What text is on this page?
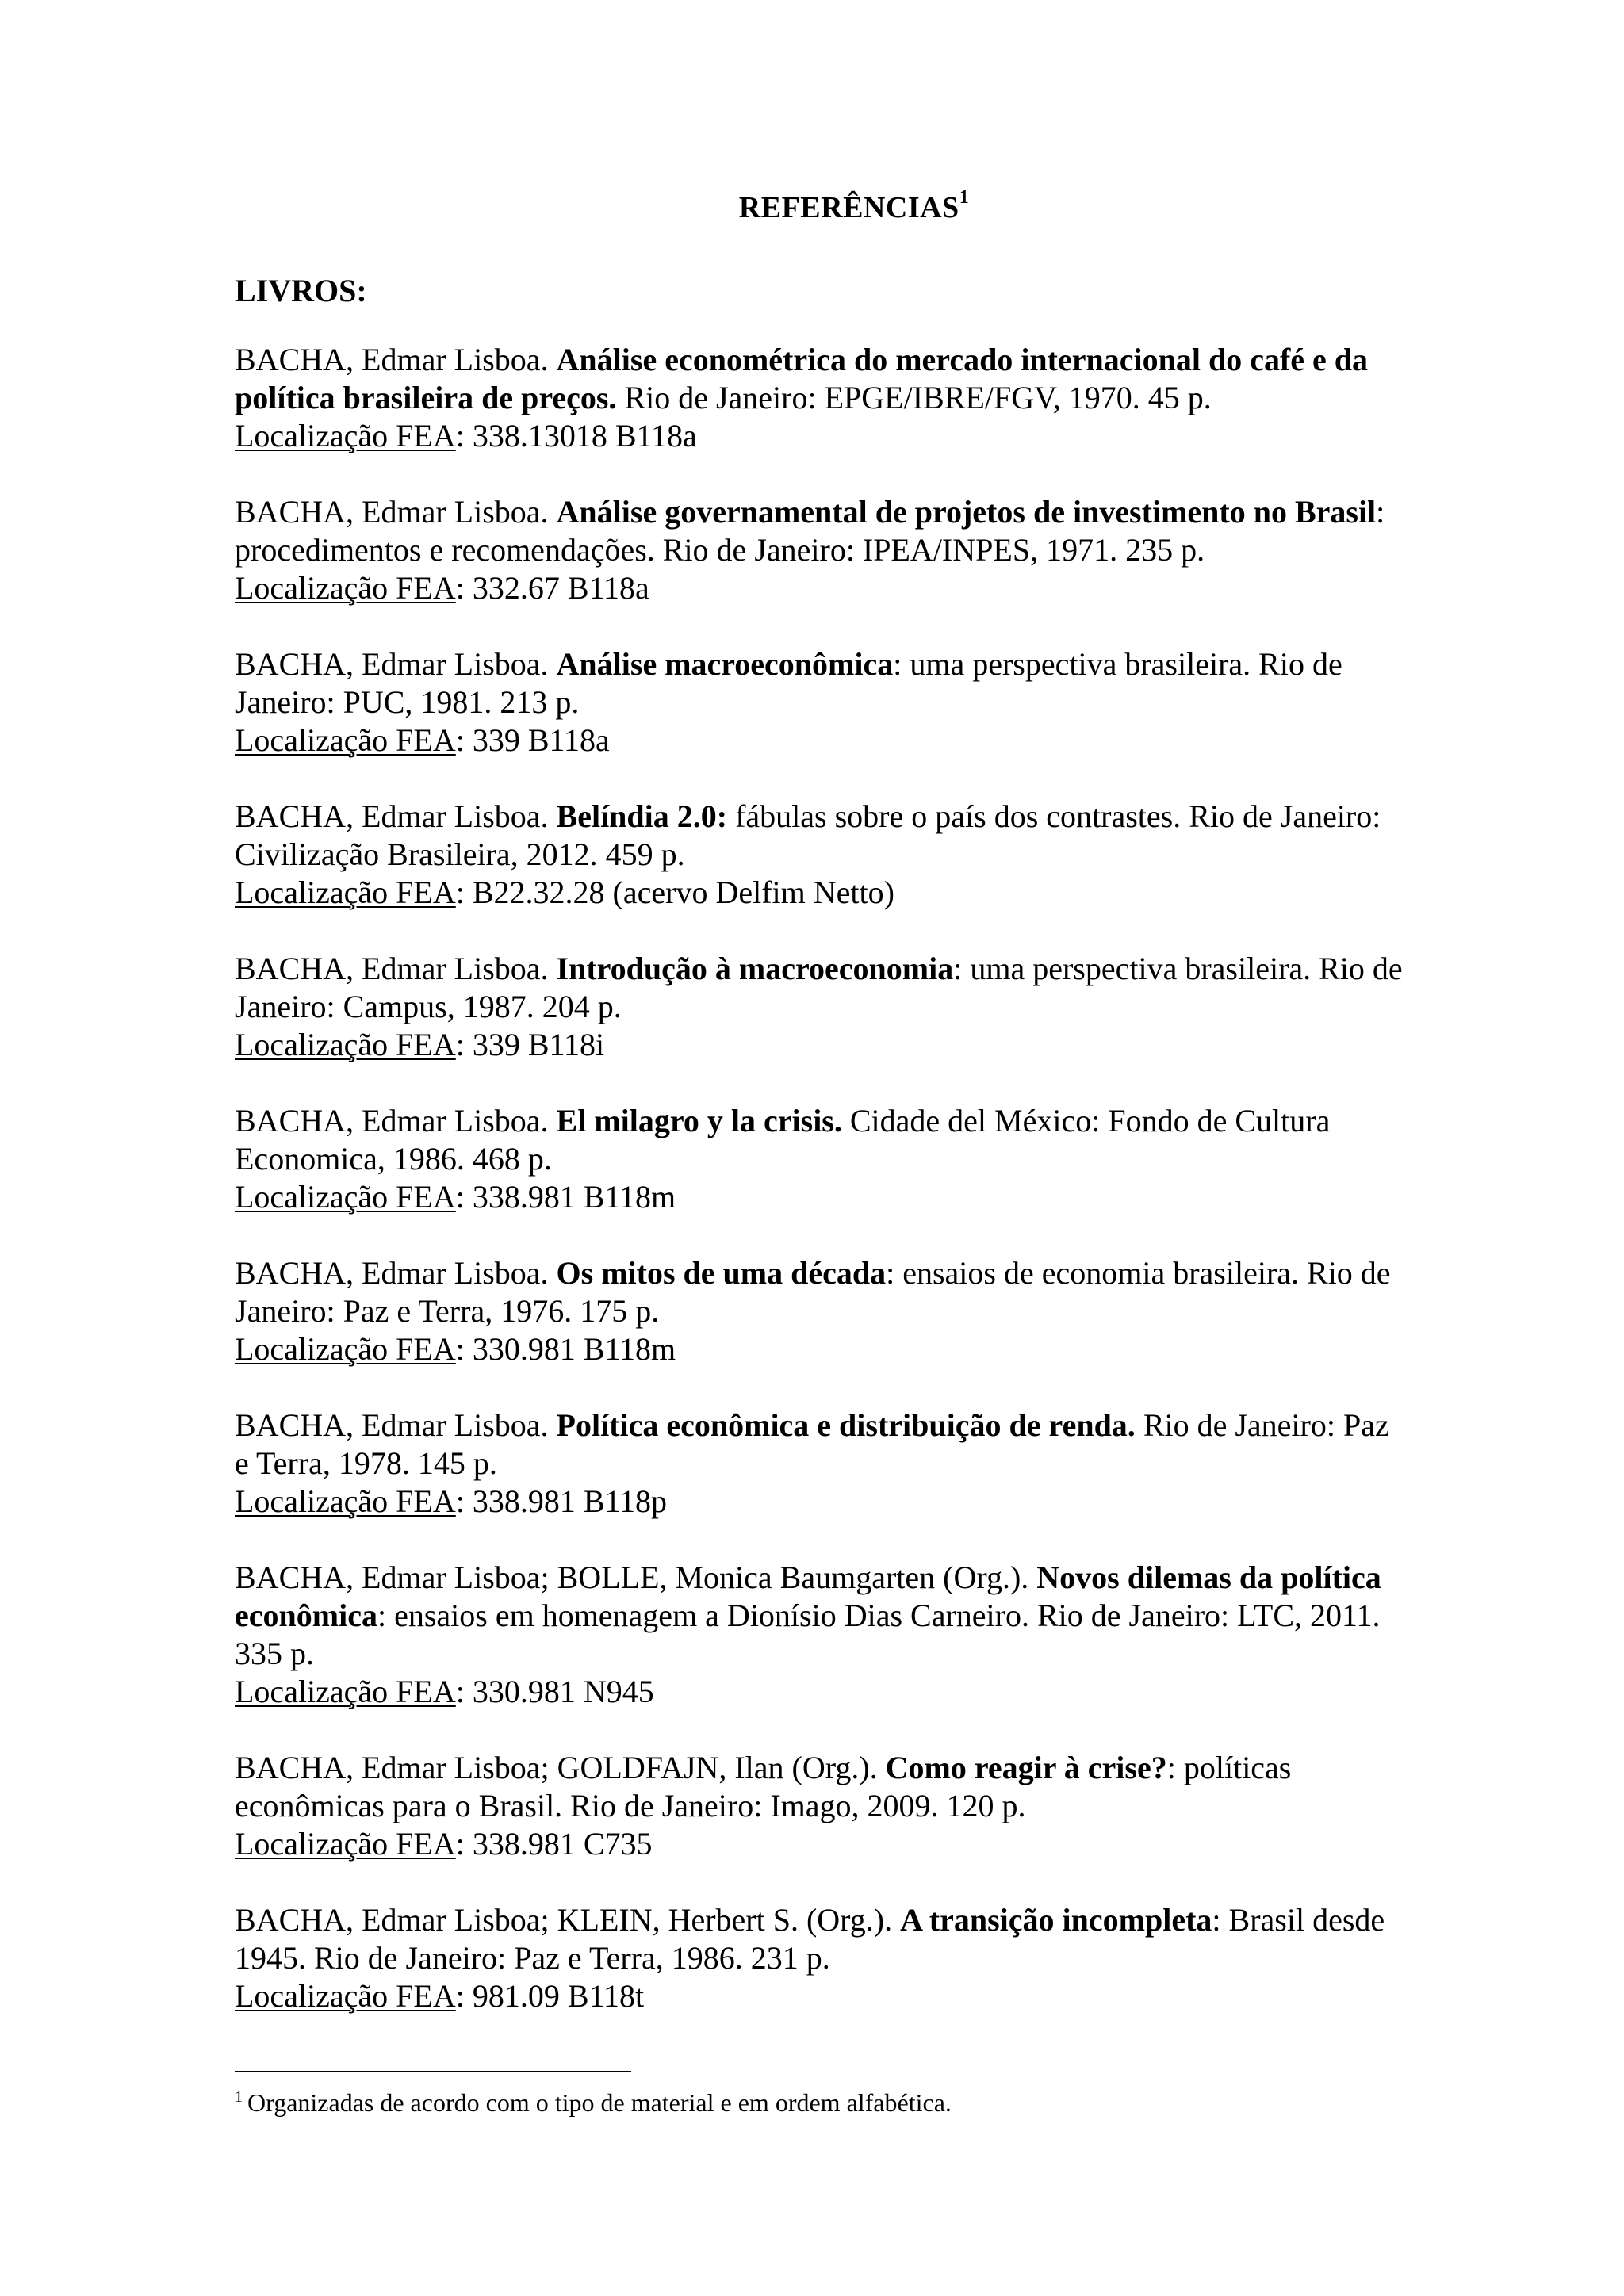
REFERÊNCIAS$^1$
LIVROS:
BACHA, Edmar Lisboa. Análise econométrica do mercado internacional do café e da política brasileira de preços. Rio de Janeiro: EPGE/IBRE/FGV, 1970. 45 p.
Localização FEA: 338.13018 B118a
BACHA, Edmar Lisboa. Análise governamental de projetos de investimento no Brasil: procedimentos e recomendações. Rio de Janeiro: IPEA/INPES, 1971. 235 p.
Localização FEA: 332.67 B118a
BACHA, Edmar Lisboa. Análise macroeconômica: uma perspectiva brasileira. Rio de Janeiro: PUC, 1981. 213 p.
Localização FEA: 339 B118a
BACHA, Edmar Lisboa. Belíndia 2.0: fábulas sobre o país dos contrastes. Rio de Janeiro: Civilização Brasileira, 2012. 459 p.
Localização FEA: B22.32.28 (acervo Delfim Netto)
BACHA, Edmar Lisboa. Introdução à macroeconomia: uma perspectiva brasileira. Rio de Janeiro: Campus, 1987. 204 p.
Localização FEA: 339 B118i
BACHA, Edmar Lisboa. El milagro y la crisis. Cidade del México: Fondo de Cultura Economica, 1986. 468 p.
Localização FEA: 338.981 B118m
BACHA, Edmar Lisboa. Os mitos de uma década: ensaios de economia brasileira. Rio de Janeiro: Paz e Terra, 1976. 175 p.
Localização FEA: 330.981 B118m
BACHA, Edmar Lisboa. Política econômica e distribuição de renda. Rio de Janeiro: Paz e Terra, 1978. 145 p.
Localização FEA: 338.981 B118p
BACHA, Edmar Lisboa; BOLLE, Monica Baumgarten (Org.). Novos dilemas da política econômica: ensaios em homenagem a Dionísio Dias Carneiro. Rio de Janeiro: LTC, 2011. 335 p.
Localização FEA: 330.981 N945
BACHA, Edmar Lisboa; GOLDFAJN, Ilan (Org.). Como reagir à crise?: políticas econômicas para o Brasil. Rio de Janeiro: Imago, 2009. 120 p.
Localização FEA: 338.981 C735
BACHA, Edmar Lisboa; KLEIN, Herbert S. (Org.). A transição incompleta: Brasil desde 1945. Rio de Janeiro: Paz e Terra, 1986. 231 p.
Localização FEA: 981.09 B118t
$^1$ Organizadas de acordo com o tipo de material e em ordem alfabética.
